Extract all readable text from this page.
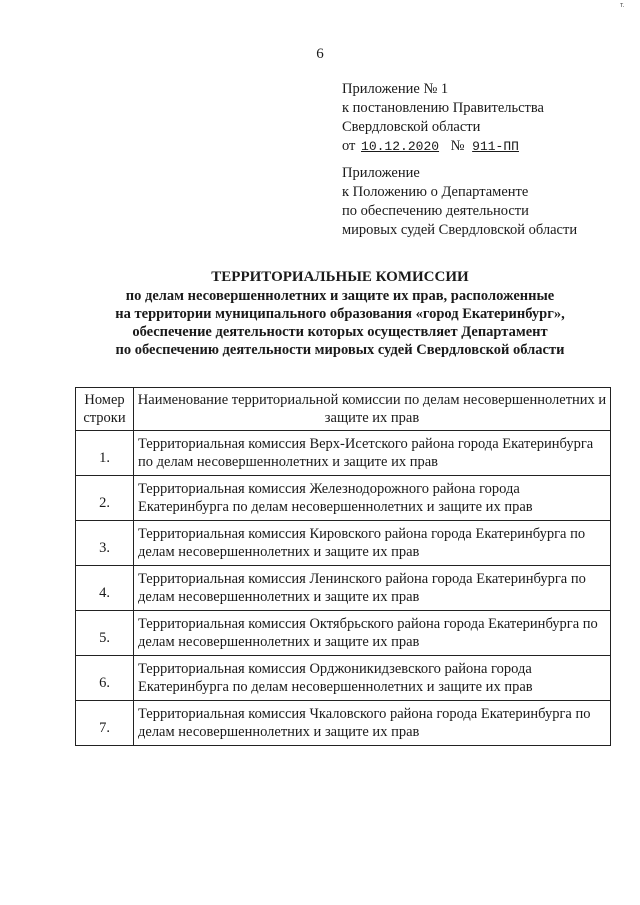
т.
6
Приложение № 1
к постановлению Правительства
Свердловской области
от 10.12.2020 № 911-ПП
Приложение
к Положению о Департаменте
по обеспечению деятельности
мировых судей Свердловской области
ТЕРРИТОРИАЛЬНЫЕ КОМИССИИ
по делам несовершеннолетних и защите их прав, расположенные
на территории муниципального образования «город Екатеринбург»,
обеспечение деятельности которых осуществляет Департамент
по обеспечению деятельности мировых судей Свердловской области
Номер строки	Наименование территориальной комиссии по делам несовершеннолетних и защите их прав
1.	Территориальная комиссия Верх-Исетского района города Екатеринбурга по делам несовершеннолетних и защите их прав
2.	Территориальная комиссия Железнодорожного района города Екатеринбурга по делам несовершеннолетних и защите их прав
3.	Территориальная комиссия Кировского района города Екатеринбурга по делам несовершеннолетних и защите их прав
4.	Территориальная комиссия Ленинского района города Екатеринбурга по делам несовершеннолетних и защите их прав
5.	Территориальная комиссия Октябрьского района города Екатеринбурга по делам несовершеннолетних и защите их прав
6.	Территориальная комиссия Орджоникидзевского района города Екатеринбурга по делам несовершеннолетних и защите их прав
7.	Территориальная комиссия Чкаловского района города Екатеринбурга по делам несовершеннолетних и защите их прав
